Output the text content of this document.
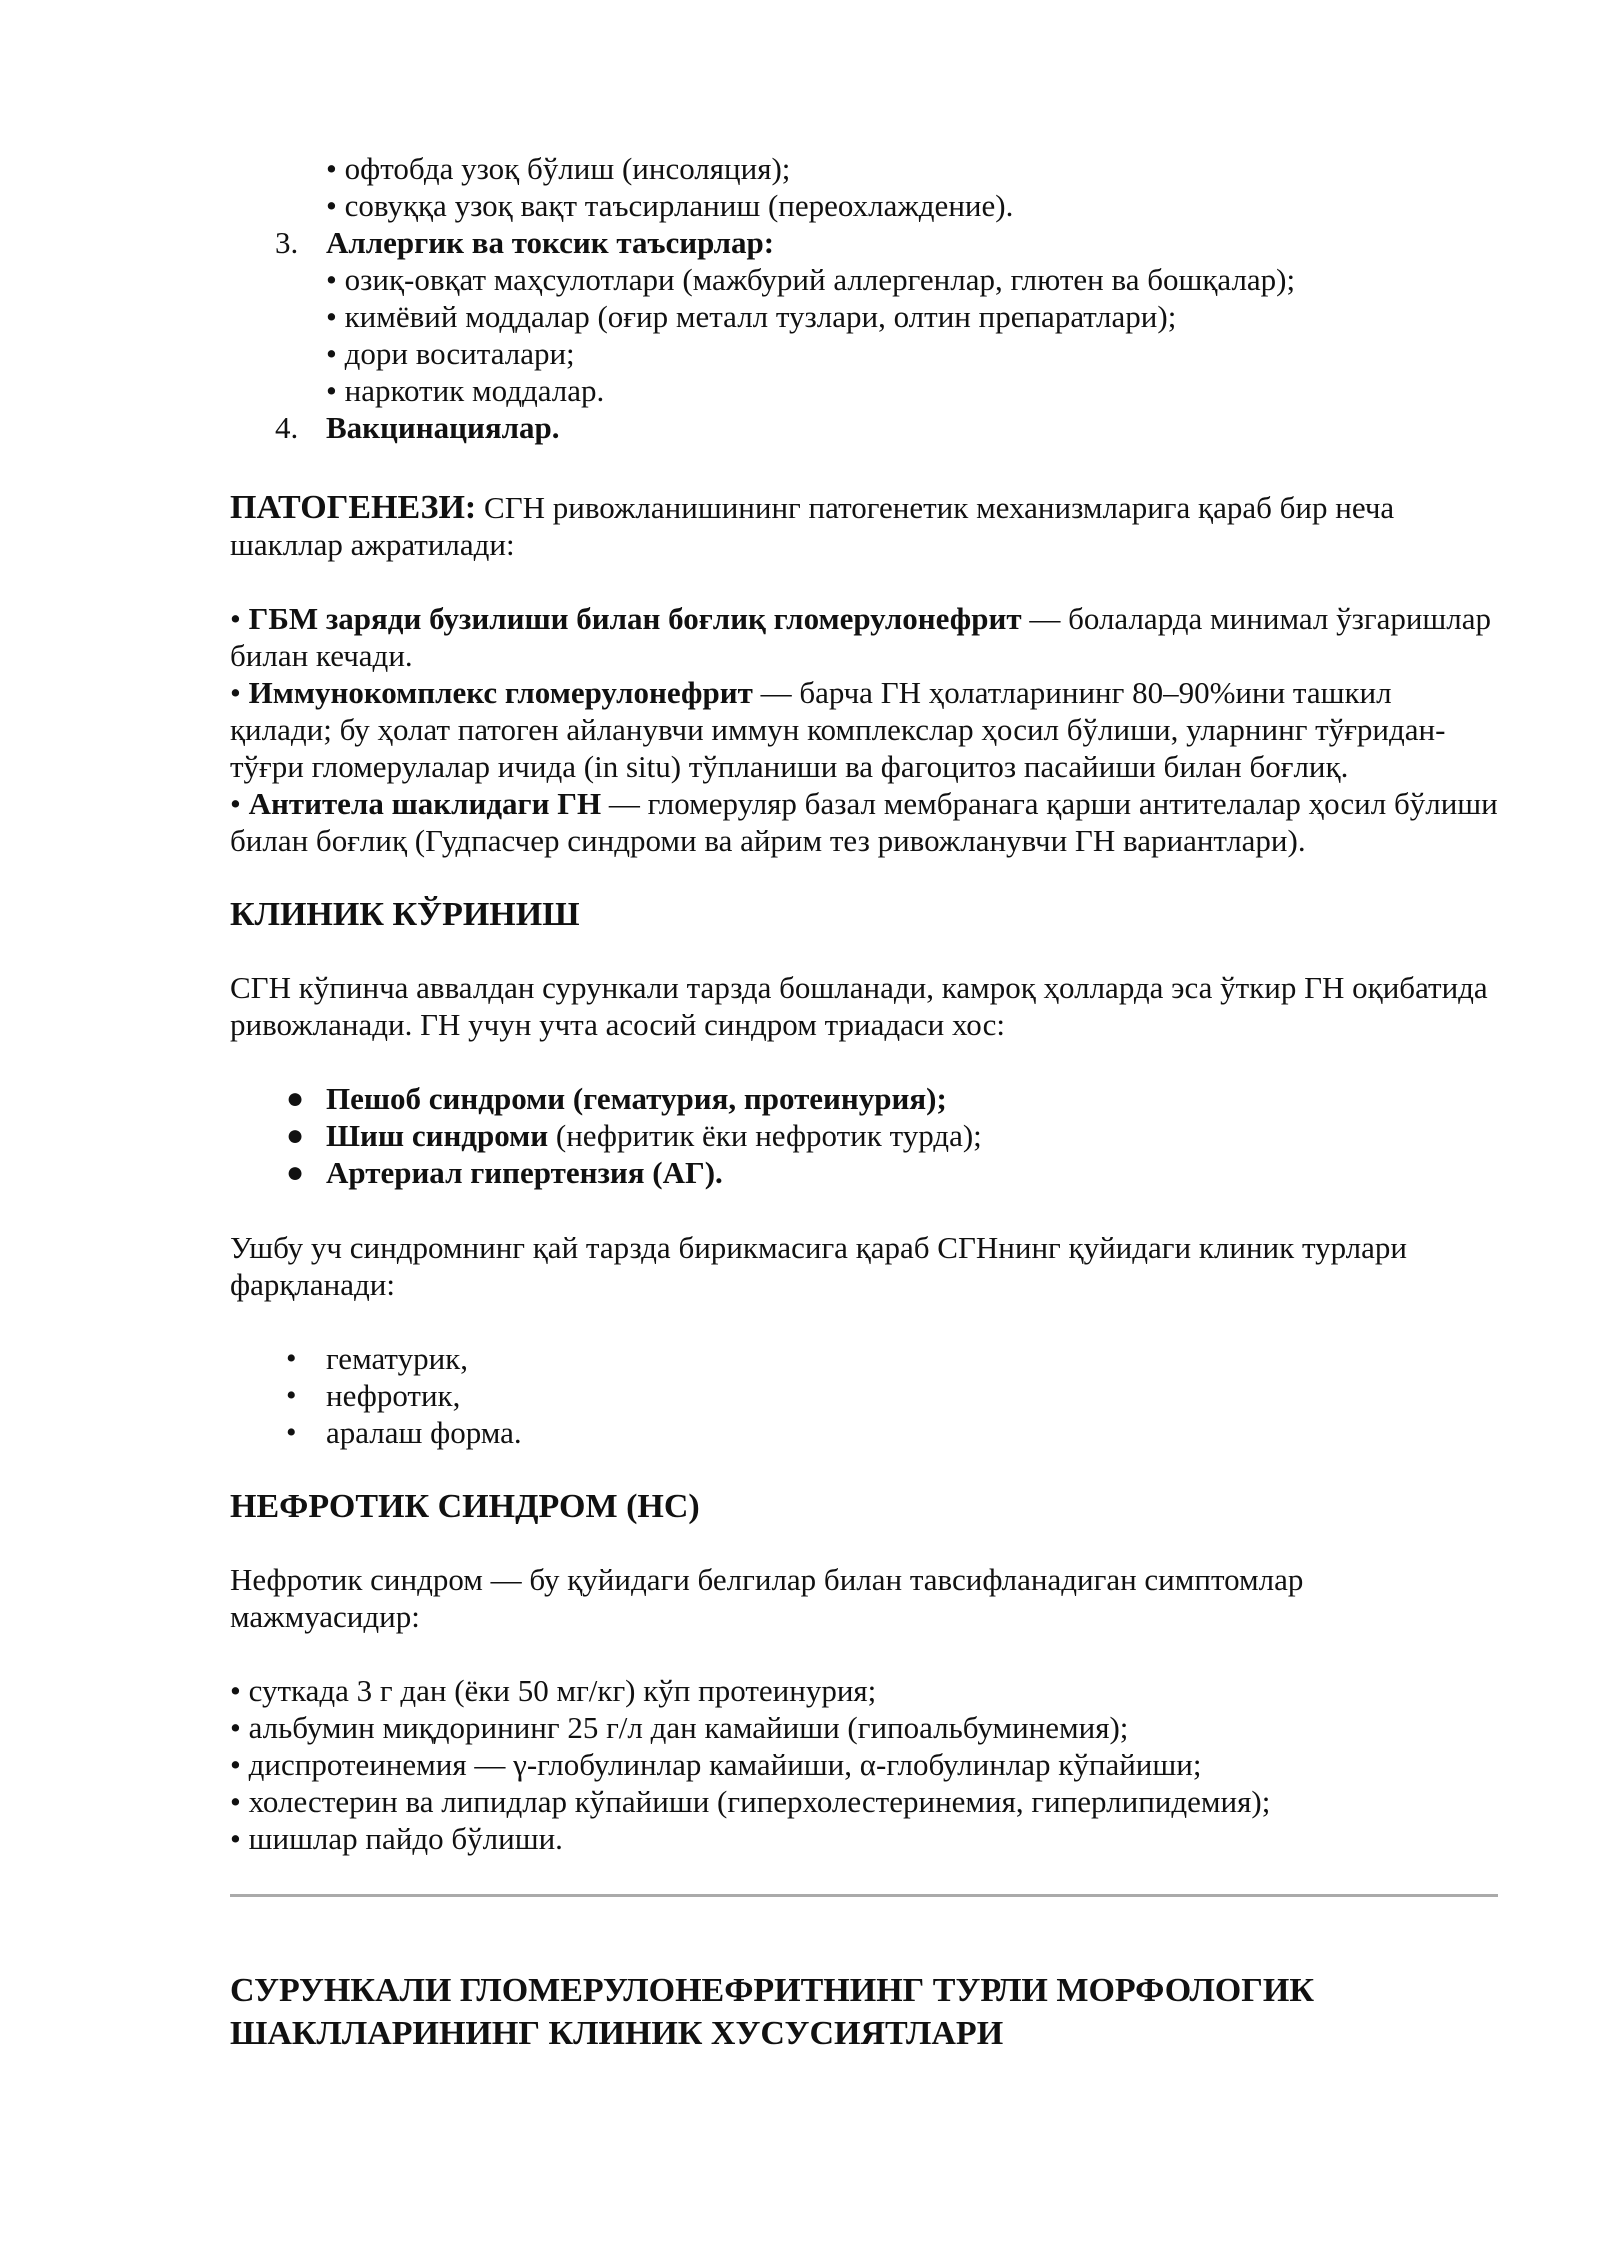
• офтобда узоқ бўлиш (инсоляция);

• совуққа узоқ вақт таъсирланиш (переохлаждение).

3. Аллергик ва токсик таъсирлар:

• озиқ-овқат маҳсулотлари (мажбурий аллергенлар, глютен ва бошқалар);

• кимёвий моддалар (оғир металл тузлари, олтин препаратлари);

• дори воситалари;

• наркотик моддалар.

4. Вакцинациялар.

ПАТОГЕНЕЗИ: СГН ривожланишининг патогенетик механизмларига қараб бир неча шакллар ажратилади:

• ГБМ заряди бузилиши билан боғлиқ гломерулонефрит — болаларда минимал ўзгаришлар билан кечади.

• Иммунокомплекс гломерулонефрит — барча ГН ҳолатларининг 80–90%ини ташкил қилади; бу ҳолат патоген айланувчи иммун комплекслар ҳосил бўлиши, уларнинг тўғридан-тўғри гломерулалар ичида (in situ) тўпланиши ва фагоцитоз пасайиши билан боғлиқ.

• Антитела шаклидаги ГН — гломеруляр базал мембранага қарши антителалар ҳосил бўлиши билан боғлиқ (Гудпасчер синдроми ва айрим тез ривожланувчи ГН вариантлари).

КЛИНИК КЎРИНИШ

СГН кўпинча аввалдан сурункали тарзда бошланади, камроқ ҳолларда эса ўткир ГН оқибатида ривожланади. ГН учун учта асосий синдром триадаси хос:

● Пешоб синдроми (гематурия, протеинурия);
● Шиш синдроми (нефритик ёки нефротик турда);
● Артериал гипертензия (АГ).

Ушбу уч синдромнинг қай тарзда бирикмасига қараб СГНнинг қуйидаги клиник турлари фарқланади:

• гематурик,
• нефротик,
• аралаш форма.
НЕФРОТИК СИНДРОМ (НС)

Нефротик синдром — бу қуйидаги белгилар билан тавсифланадиган симптомлар мажмуасидир:

• суткада 3 г дан (ёки 50 мг/кг) кўп протеинурия;

• альбумин миқдорининг 25 г/л дан камайиши (гипоальбуминемия);

• диспротеинемия — γ-глобулинлар камайиши, α-глобулинлар кўпайиши;

• холестерин ва липидлар кўпайиши (гиперхолестеринемия, гиперлипидемия);

• шишлар пайдо бўлиши.

СУРУНКАЛИ ГЛОМЕРУЛОНЕФРИТНИНГ ТУРЛИ МОРФОЛОГИК ШАКЛЛАРИНИНГ КЛИНИК ХУСУСИЯТЛАРИ
